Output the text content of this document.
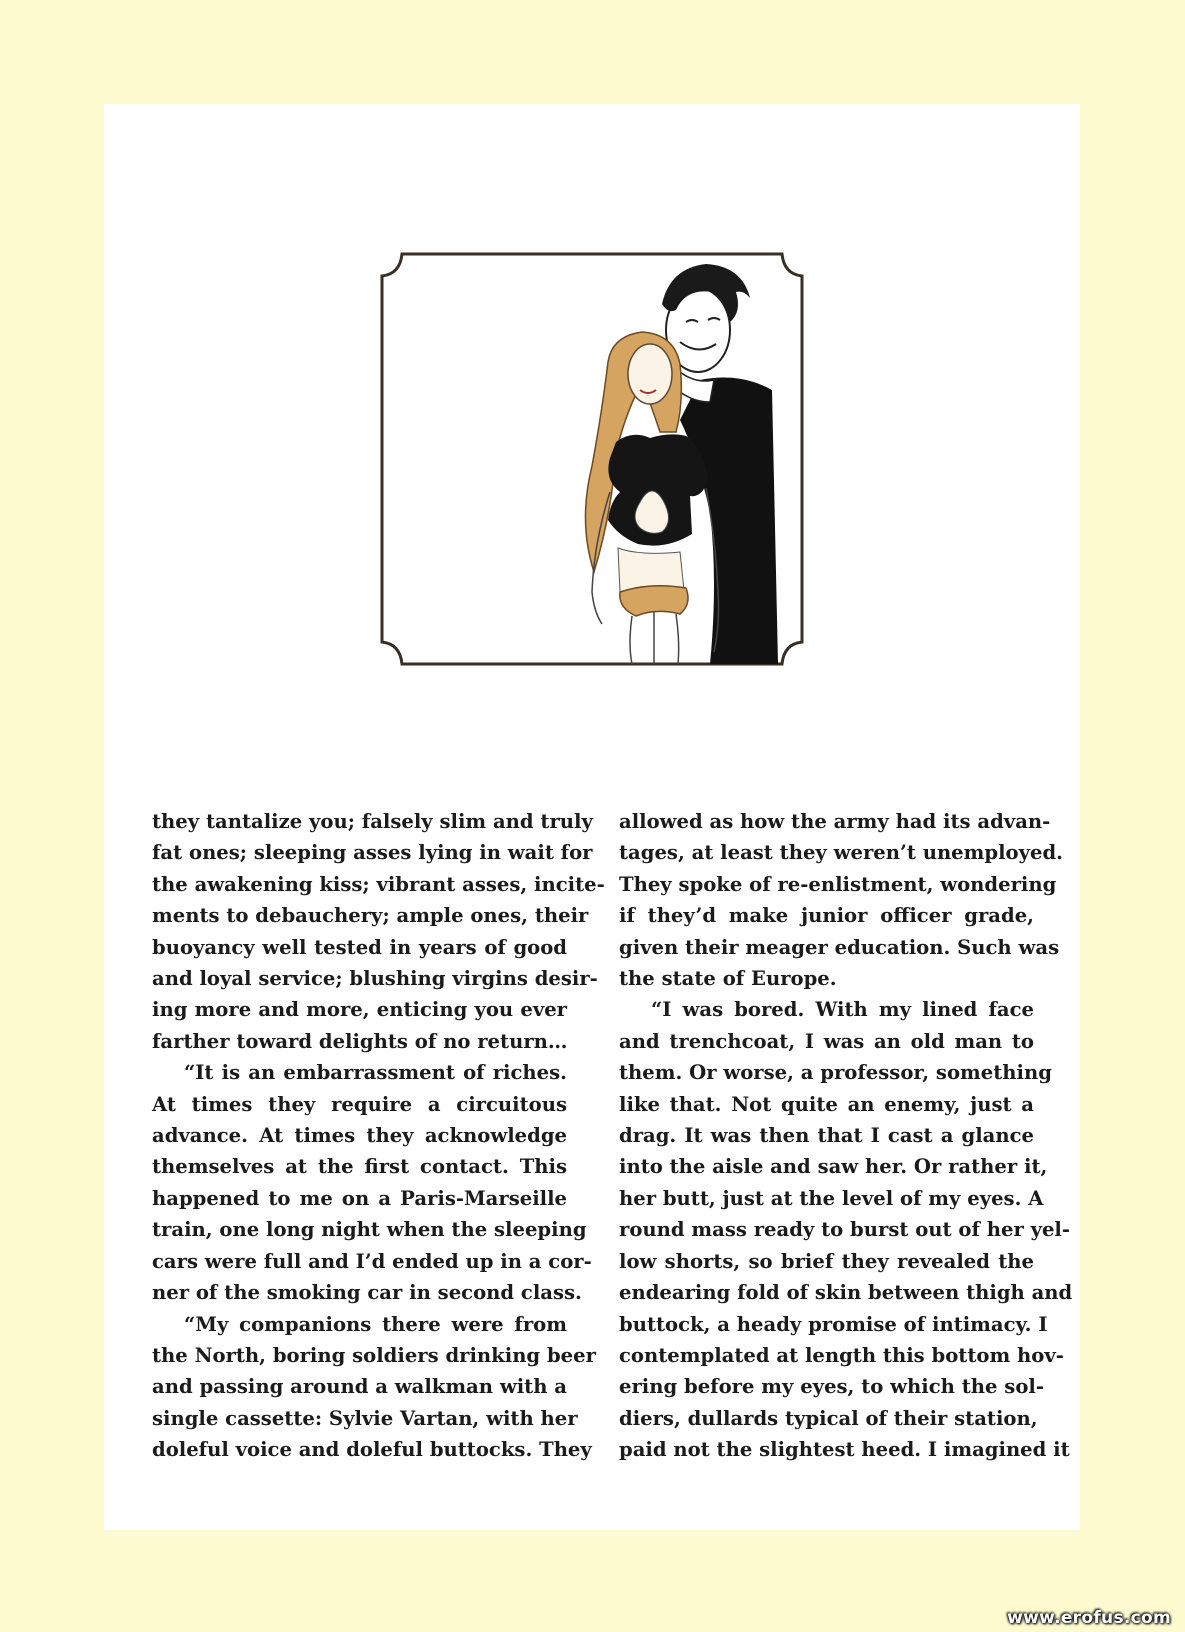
they tantalize you; falsely slim and truly
fat ones; sleeping asses lying in wait for
the awakening kiss; vibrant asses, incite-
ments to debauchery; ample ones, their
buoyancy well tested in years of good
and loyal service; blushing virgins desir-
ing more and more, enticing you ever
farther toward delights of no return…
“It is an embarrassment of riches.
At times they require a circuitous
advance. At times they acknowledge
themselves at the first contact. This
happened to me on a Paris-Marseille
train, one long night when the sleeping
cars were full and I’d ended up in a cor-
ner of the smoking car in second class.
“My companions there were from
the North, boring soldiers drinking beer
and passing around a walkman with a
single cassette: Sylvie Vartan, with her
doleful voice and doleful buttocks. They
allowed as how the army had its advan-
tages, at least they weren’t unemployed.
They spoke of re-enlistment, wondering
if they’d make junior officer grade,
given their meager education. Such was
the state of Europe.
“I was bored. With my lined face
and trenchcoat, I was an old man to
them. Or worse, a professor, something
like that. Not quite an enemy, just a
drag. It was then that I cast a glance
into the aisle and saw her. Or rather it,
her butt, just at the level of my eyes. A
round mass ready to burst out of her yel-
low shorts, so brief they revealed the
endearing fold of skin between thigh and
buttock, a heady promise of intimacy. I
contemplated at length this bottom hov-
ering before my eyes, to which the sol-
diers, dullards typical of their station,
paid not the slightest heed. I imagined it
www.erofus.com
